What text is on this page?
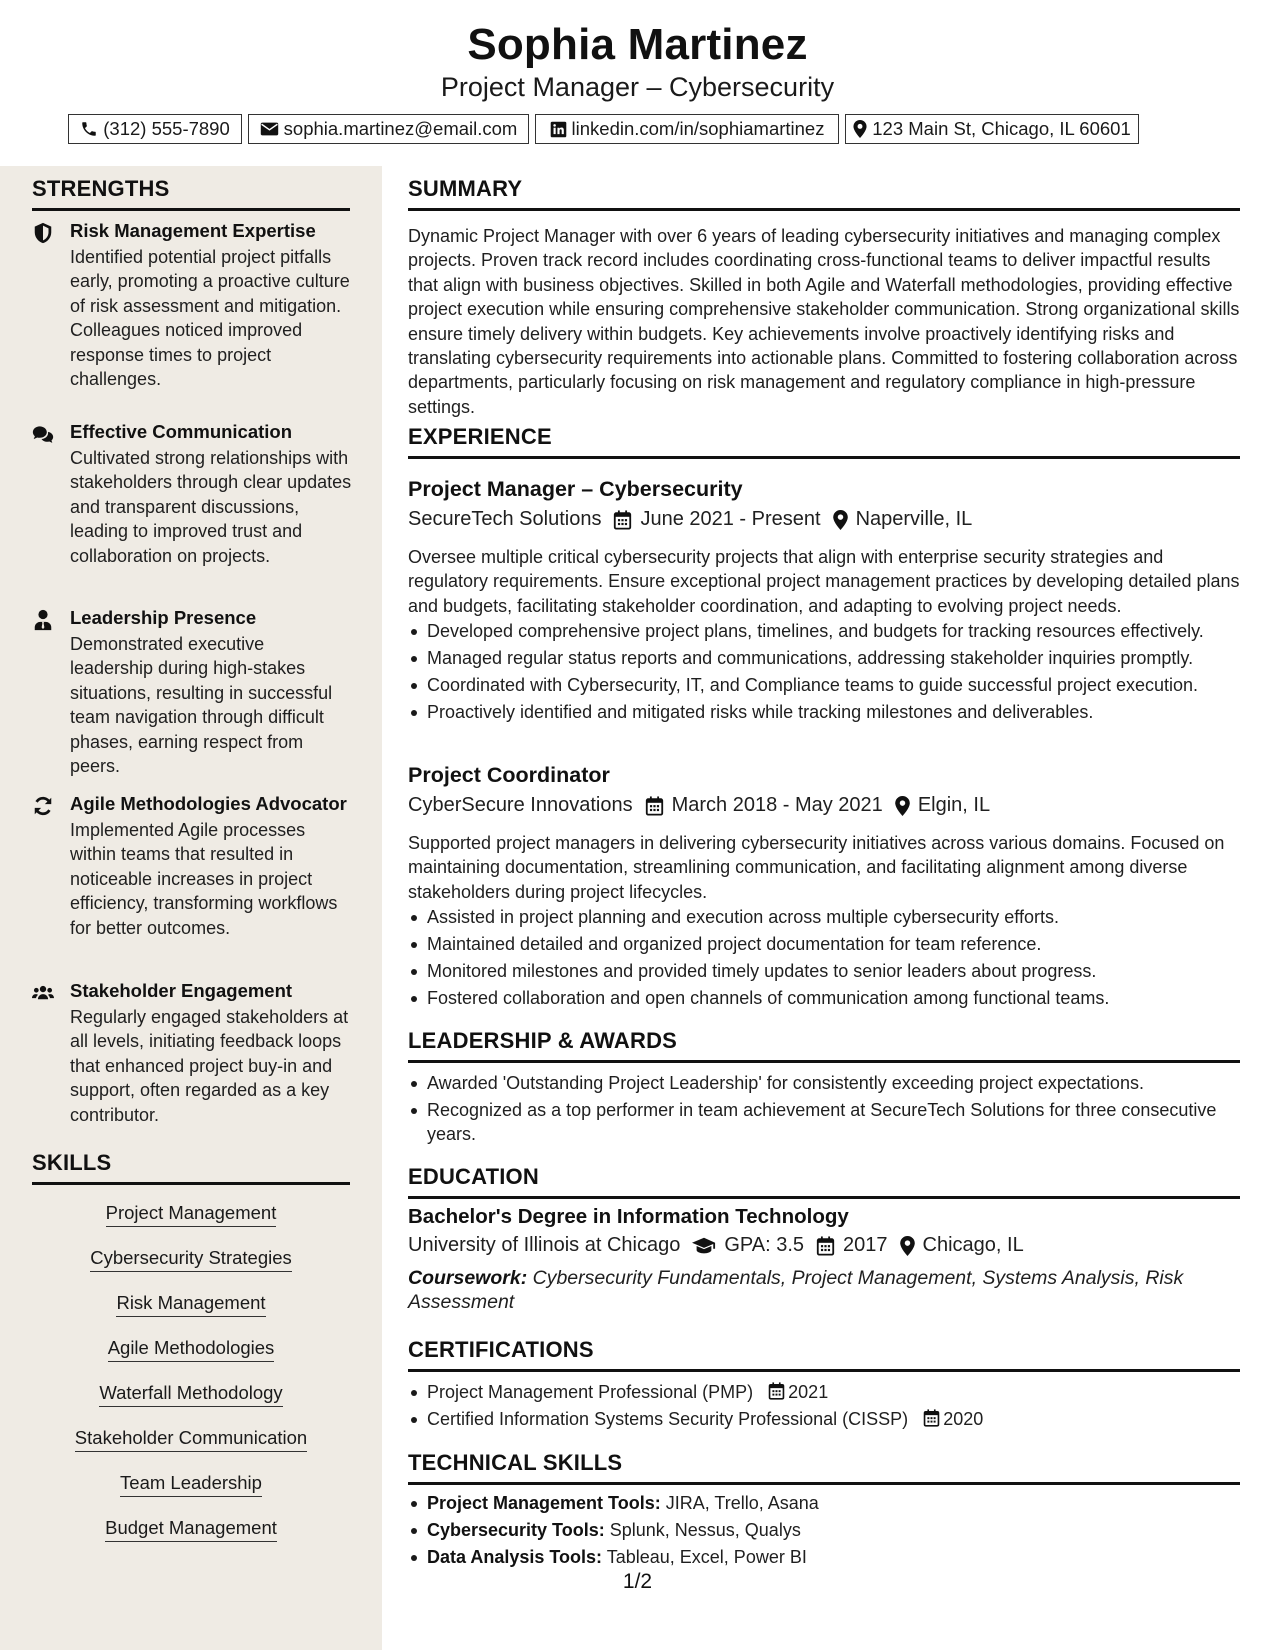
Sophia Martinez
Project Manager – Cybersecurity
(312) 555-7890	sophia.martinez@email.com	linkedin.com/in/sophiamartinez	123 Main St, Chicago, IL 60601
STRENGTHS
Risk Management Expertise
Identified potential project pitfalls early, promoting a proactive culture of risk assessment and mitigation. Colleagues noticed improved response times to project challenges.
Effective Communication
Cultivated strong relationships with stakeholders through clear updates and transparent discussions, leading to improved trust and collaboration on projects.
Leadership Presence
Demonstrated executive leadership during high-stakes situations, resulting in successful team navigation through difficult phases, earning respect from peers.
Agile Methodologies Advocator
Implemented Agile processes within teams that resulted in noticeable increases in project efficiency, transforming workflows for better outcomes.
Stakeholder Engagement
Regularly engaged stakeholders at all levels, initiating feedback loops that enhanced project buy-in and support, often regarded as a key contributor.
SKILLS
Project Management
Cybersecurity Strategies
Risk Management
Agile Methodologies
Waterfall Methodology
Stakeholder Communication
Team Leadership
Budget Management
SUMMARY
Dynamic Project Manager with over 6 years of leading cybersecurity initiatives and managing complex projects. Proven track record includes coordinating cross-functional teams to deliver impactful results that align with business objectives. Skilled in both Agile and Waterfall methodologies, providing effective project execution while ensuring comprehensive stakeholder communication. Strong organizational skills ensure timely delivery within budgets. Key achievements involve proactively identifying risks and translating cybersecurity requirements into actionable plans. Committed to fostering collaboration across departments, particularly focusing on risk management and regulatory compliance in high-pressure settings.
EXPERIENCE
Project Manager – Cybersecurity
SecureTech Solutions June 2021 - Present Naperville, IL
Oversee multiple critical cybersecurity projects that align with enterprise security strategies and regulatory requirements. Ensure exceptional project management practices by developing detailed plans and budgets, facilitating stakeholder coordination, and adapting to evolving project needs.
Developed comprehensive project plans, timelines, and budgets for tracking resources effectively.
Managed regular status reports and communications, addressing stakeholder inquiries promptly.
Coordinated with Cybersecurity, IT, and Compliance teams to guide successful project execution.
Proactively identified and mitigated risks while tracking milestones and deliverables.
Project Coordinator
CyberSecure Innovations March 2018 - May 2021 Elgin, IL
Supported project managers in delivering cybersecurity initiatives across various domains. Focused on maintaining documentation, streamlining communication, and facilitating alignment among diverse stakeholders during project lifecycles.
Assisted in project planning and execution across multiple cybersecurity efforts.
Maintained detailed and organized project documentation for team reference.
Monitored milestones and provided timely updates to senior leaders about progress.
Fostered collaboration and open channels of communication among functional teams.
LEADERSHIP & AWARDS
Awarded 'Outstanding Project Leadership' for consistently exceeding project expectations.
Recognized as a top performer in team achievement at SecureTech Solutions for three consecutive years.
EDUCATION
Bachelor's Degree in Information Technology
University of Illinois at Chicago GPA: 3.5 2017 Chicago, IL
Coursework: Cybersecurity Fundamentals, Project Management, Systems Analysis, Risk Assessment
CERTIFICATIONS
Project Management Professional (PMP) 2021
Certified Information Systems Security Professional (CISSP) 2020
TECHNICAL SKILLS
Project Management Tools: JIRA, Trello, Asana
Cybersecurity Tools: Splunk, Nessus, Qualys
Data Analysis Tools: Tableau, Excel, Power BI
1/2
